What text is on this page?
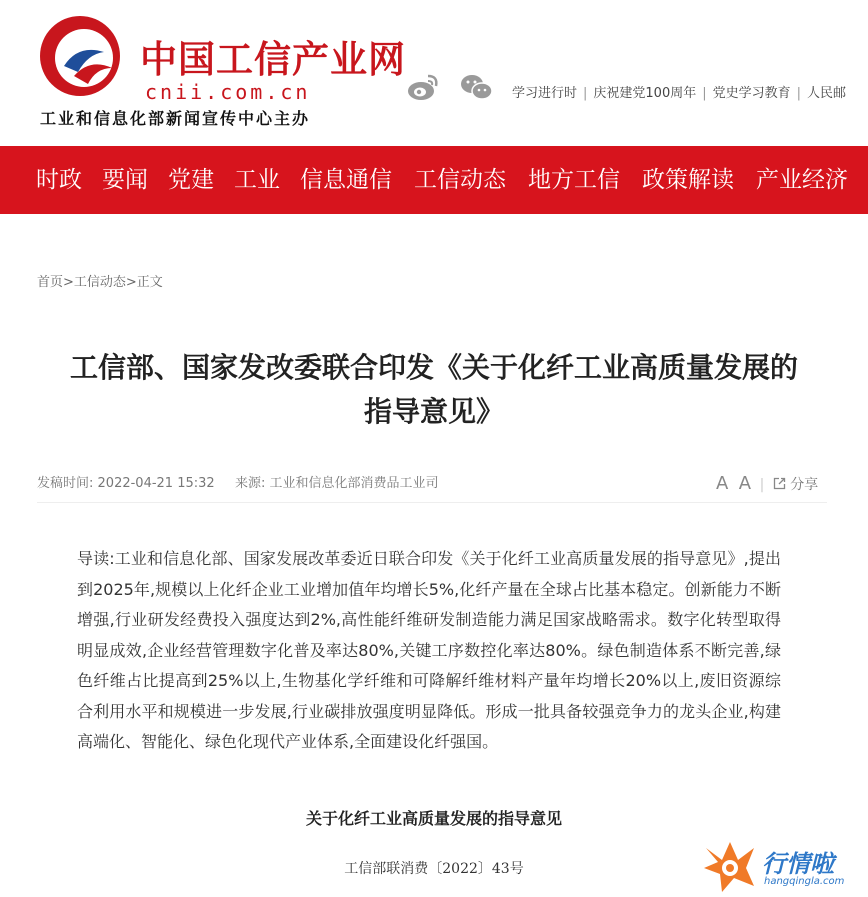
中国工信产业网
cnii.com.cn
工业和信息化部新闻宣传中心主办
学习进行时 | 庆祝建党100周年 | 党史学习教育 | 人民邮
时政 要闻 党建 工业 信息通信 工信动态 地方工信 政策解读 产业经济
首页>工信动态>正文
工信部、国家发改委联合印发《关于化纤工业高质量发展的指导意见》
发稿时间: 2022-04-21 15:32 来源: 工业和信息化部消费品工业司	A A | 分享
导读:工业和信息化部、国家发展改革委近日联合印发《关于化纤工业高质量发展的指导意见》,提出到2025年,规模以上化纤企业工业增加值年均增长5%,化纤产量在全球占比基本稳定。创新能力不断增强,行业研发经费投入强度达到2%,高性能纤维研发制造能力满足国家战略需求。数字化转型取得明显成效,企业经营管理数字化普及率达80%,关键工序数控化率达80%。绿色制造体系不断完善,绿色纤维占比提高到25%以上,生物基化学纤维和可降解纤维材料产量年均增长20%以上,废旧资源综合利用水平和规模进一步发展,行业碳排放强度明显降低。形成一批具备较强竞争力的龙头企业,构建高端化、智能化、绿色化现代产业体系,全面建设化纤强国。
关于化纤工业高质量发展的指导意见
工信部联消费〔2022〕43号	行情啦
hangqingla.com
